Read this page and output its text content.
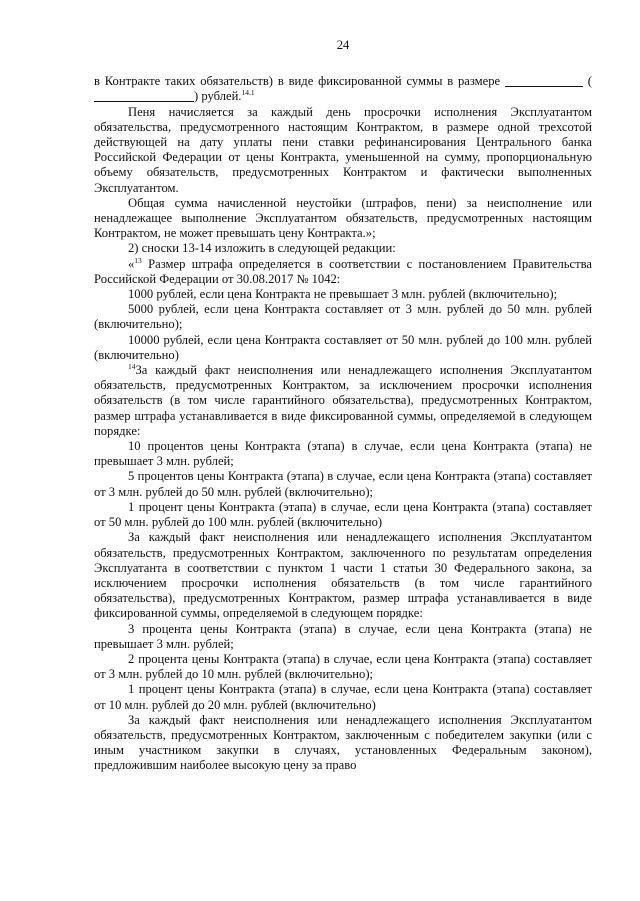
24

в Контракте таких обязательств) в виде фиксированной суммы в размере	() рублей.$^{14.1}$

Пеня начисляется за каждый день просрочки исполнения Эксплуатантом обязательства, предусмотренного настоящим Контрактом, в размере одной трехсотой действующей на дату уплаты пени ставки рефинансирования Центрального банка Российской Федерации от цены Контракта, уменьшенной на сумму, пропорциональную объему обязательств, предусмотренных Контрактом и фактически выполненных Эксплуатантом.

Общая сумма начисленной неустойки (штрафов, пени) за неисполнение или ненадлежащее выполнение Эксплуатантом обязательств, предусмотренных настоящим Контрактом, не может превышать цену Контракта.»;

2) сноски 13-14 изложить в следующей редакции:

«$^{13}$ Размер штрафа определяется в соответствии с постановлением Правительства Российской Федерации от 30.08.2017 № 1042:

1000 рублей, если цена Контракта не превышает 3 млн. рублей (включительно);

5000 рублей, если цена Контракта составляет от 3 млн. рублей до 50 млн. рублей (включительно);

10000 рублей, если цена Контракта составляет от 50 млн. рублей до 100 млн. рублей (включительно)

$^{14}$За каждый факт неисполнения или ненадлежащего исполнения Эксплуатантом обязательств, предусмотренных Контрактом, за исключением просрочки исполнения обязательств (в том числе гарантийного обязательства), предусмотренных Контрактом, размер штрафа устанавливается в виде фиксированной суммы, определяемой в следующем порядке:

10 процентов цены Контракта (этапа) в случае, если цена Контракта (этапа) не превышает 3 млн. рублей;

5 процентов цены Контракта (этапа) в случае, если цена Контракта (этапа) составляет от 3 млн. рублей до 50 млн. рублей (включительно);

1 процент цены Контракта (этапа) в случае, если цена Контракта (этапа) составляет от 50 млн. рублей до 100 млн. рублей (включительно)

За каждый факт неисполнения или ненадлежащего исполнения Эксплуатантом обязательств, предусмотренных Контрактом, заключенного по результатам определения Эксплуатанта в соответствии с пунктом 1 части 1 статьи 30 Федерального закона, за исключением просрочки исполнения обязательств (в том числе гарантийного обязательства), предусмотренных Контрактом, размер штрафа устанавливается в виде фиксированной суммы, определяемой в следующем порядке:

3 процента цены Контракта (этапа) в случае, если цена Контракта (этапа) не превышает 3 млн. рублей;

2 процента цены Контракта (этапа) в случае, если цена Контракта (этапа) составляет от 3 млн. рублей до 10 млн. рублей (включительно);

1 процент цены Контракта (этапа) в случае, если цена Контракта (этапа) составляет от 10 млн. рублей до 20 млн. рублей (включительно)

За каждый факт неисполнения или ненадлежащего исполнения Эксплуатантом обязательств, предусмотренных Контрактом, заключенным с победителем закупки (или с иным участником закупки в случаях, установленных Федеральным законом), предложившим наиболее высокую цену за право
